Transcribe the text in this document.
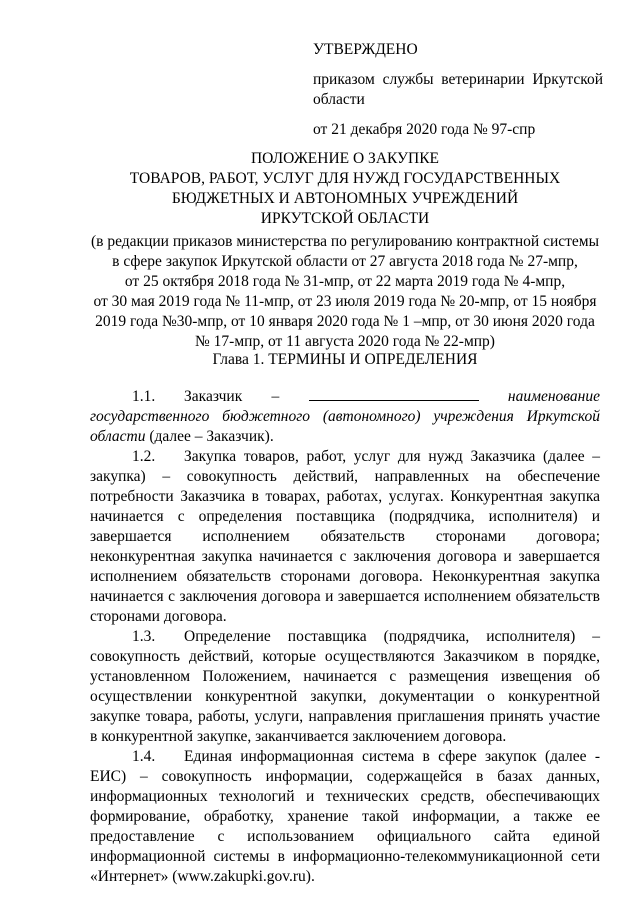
УТВЕРЖДЕНО
приказом службы ветеринарии Иркутской области
от 21 декабря 2020 года № 97-спр
ПОЛОЖЕНИЕ О ЗАКУПКЕ
ТОВАРОВ, РАБОТ, УСЛУГ ДЛЯ НУЖД ГОСУДАРСТВЕННЫХ
БЮДЖЕТНЫХ И АВТОНОМНЫХ УЧРЕЖДЕНИЙ
ИРКУТСКОЙ ОБЛАСТИ
(в редакции приказов министерства по регулированию контрактной системы
в сфере закупок Иркутской области от 27 августа 2018 года № 27-мпр,
от 25 октября 2018 года № 31-мпр, от 22 марта 2019 года № 4-мпр,
от 30 мая 2019 года № 11-мпр, от 23 июля 2019 года № 20-мпр, от 15 ноября
2019 года №30-мпр, от 10 января 2020 года № 1 –мпр, от 30 июня 2020 года
№ 17-мпр, от 11 августа 2020 года № 22-мпр)
Глава 1. ТЕРМИНЫ И ОПРЕДЕЛЕНИЯ

1.1. Заказчик –	наименование государственного бюджетного (автономного) учреждения Иркутской области (далее – Заказчик).

1.2. Закупка товаров, работ, услуг для нужд Заказчика (далее – закупка) – совокупность действий, направленных на обеспечение потребности Заказчика в товарах, работах, услугах. Конкурентная закупка начинается с определения поставщика (подрядчика, исполнителя) и завершается исполнением обязательств сторонами договора; неконкурентная закупка начинается с заключения договора и завершается исполнением обязательств сторонами договора. Неконкурентная закупка начинается с заключения договора и завершается исполнением обязательств сторонами договора.

1.3. Определение поставщика (подрядчика, исполнителя) – совокупность действий, которые осуществляются Заказчиком в порядке, установленном Положением, начинается с размещения извещения об осуществлении конкурентной закупки, документации о конкурентной закупке товара, работы, услуги, направления приглашения принять участие в конкурентной закупке, заканчивается заключением договора.

1.4. Единая информационная система в сфере закупок (далее - ЕИС) – совокупность информации, содержащейся в базах данных, информационных технологий и технических средств, обеспечивающих формирование, обработку, хранение такой информации, а также ее предоставление с использованием официального сайта единой информационной системы в информационно-телекоммуникационной сети «Интернет» (www.zakupki.gov.ru).
